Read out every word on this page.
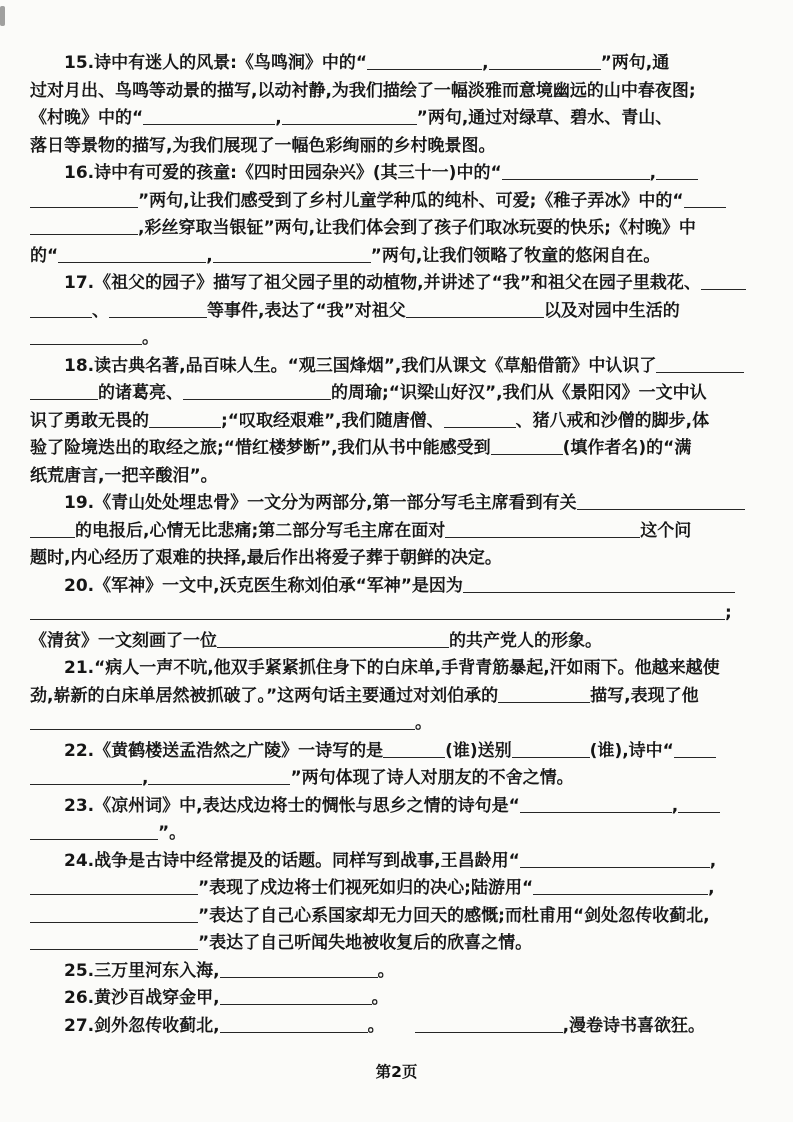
15.诗中有迷人的风景:《鸟鸣涧》中的“	,	”两句,通
过对月出、鸟鸣等动景的描写,以动衬静,为我们描绘了一幅淡雅而意境幽远的山中春夜图;
《村晚》中的“	,	”两句,通过对绿草、碧水、青山、
落日等景物的描写,为我们展现了一幅色彩绚丽的乡村晚景图。
16.诗中有可爱的孩童:《四时田园杂兴》(其三十一)中的“	,
”两句,让我们感受到了乡村儿童学种瓜的纯朴、可爱;《稚子弄冰》中的“
,彩丝穿取当银钲”两句,让我们体会到了孩子们取冰玩耍的快乐;《村晚》中
的“	,	”两句,让我们领略了牧童的悠闲自在。
17.《祖父的园子》描写了祖父园子里的动植物,并讲述了“我”和祖父在园子里栽花、
、	等事件,表达了“我”对祖父	以及对园中生活的
。
18.读古典名著,品百味人生。“观三国烽烟”,我们从课文《草船借箭》中认识了
的诸葛亮、	的周瑜;“识梁山好汉”,我们从《景阳冈》一文中认
识了勇敢无畏的	;“叹取经艰难”,我们随唐僧、	、猪八戒和沙僧的脚步,体
验了险境迭出的取经之旅;“惜红楼梦断”,我们从书中能感受到	(填作者名)的“满
纸荒唐言,一把辛酸泪”。
19.《青山处处埋忠骨》一文分为两部分,第一部分写毛主席看到有关
的电报后,心情无比悲痛;第二部分写毛主席在面对	这个问
题时,内心经历了艰难的抉择,最后作出将爱子葬于朝鲜的决定。
20.《军神》一文中,沃克医生称刘伯承“军神”是因为
;
《清贫》一文刻画了一位	的共产党人的形象。
21.“病人一声不吭,他双手紧紧抓住身下的白床单,手背青筋暴起,汗如雨下。他越来越使
劲,崭新的白床单居然被抓破了。”这两句话主要通过对刘伯承的	描写,表现了他
。
22.《黄鹤楼送孟浩然之广陵》一诗写的是	(谁)送别	(谁),诗中“
,	”两句体现了诗人对朋友的不舍之情。
23.《凉州词》中,表达戍边将士的惆怅与思乡之情的诗句是“	,
”。
24.战争是古诗中经常提及的话题。同样写到战事,王昌龄用“	,
”表现了戍边将士们视死如归的决心;陆游用“	,
”表达了自己心系国家却无力回天的感慨;而杜甫用“剑处忽传收蓟北,
”表达了自己听闻失地被收复后的欣喜之情。
25.三万里河东入海,	。
26.黄沙百战穿金甲,	。
27.剑外忽传收蓟北,	。	,漫卷诗书喜欲狂。
第2页
